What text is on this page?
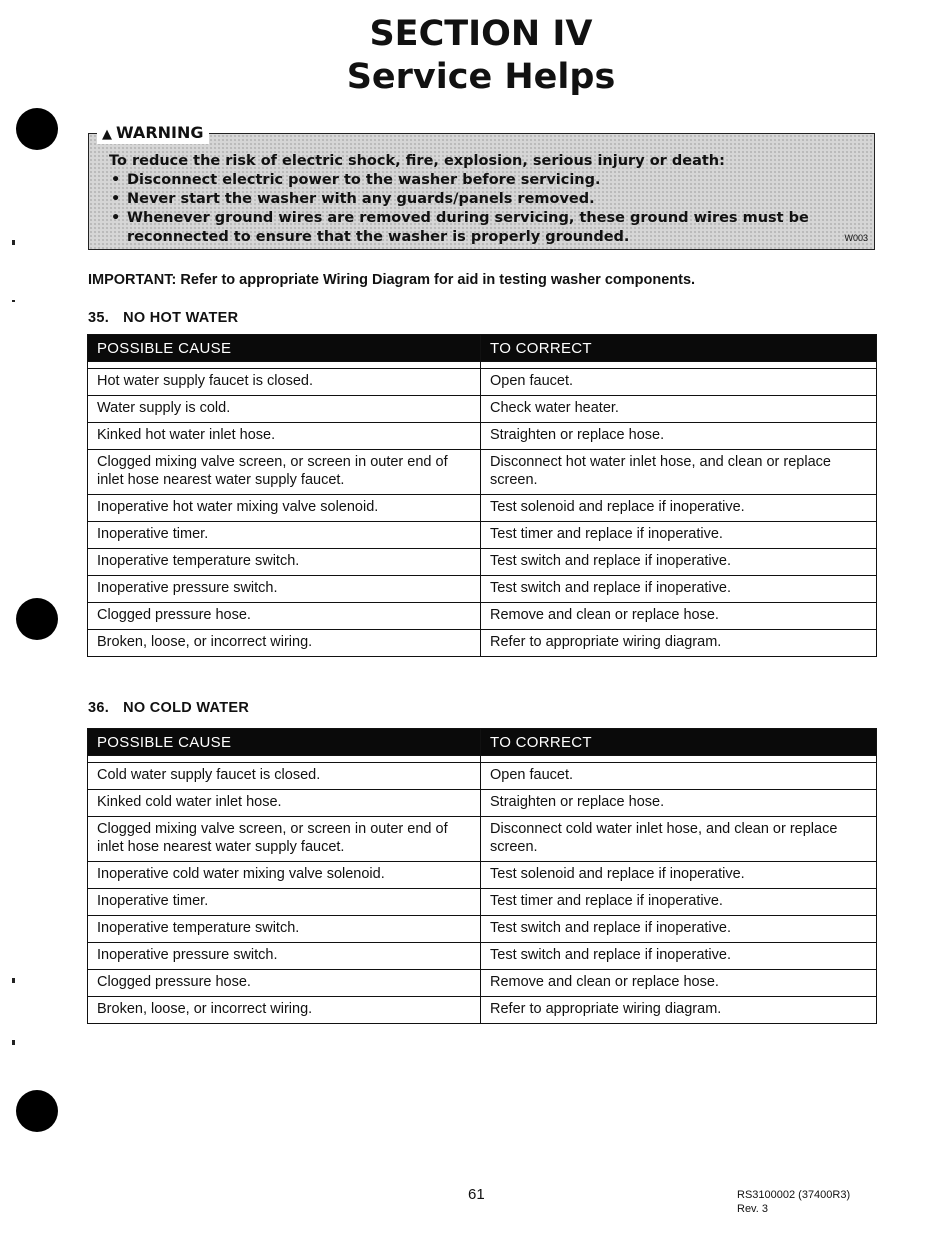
SECTION IV
Service Helps
▲ WARNING
To reduce the risk of electric shock, fire, explosion, serious injury or death:
• Disconnect electric power to the washer before servicing.
• Never start the washer with any guards/panels removed.
• Whenever ground wires are removed during servicing, these ground wires must be reconnected to ensure that the washer is properly grounded.	W003
IMPORTANT: Refer to appropriate Wiring Diagram for aid in testing washer components.
35. NO HOT WATER
POSSIBLE CAUSE	TO CORRECT

Hot water supply faucet is closed.	Open faucet.
Water supply is cold.	Check water heater.
Kinked hot water inlet hose.	Straighten or replace hose.
Clogged mixing valve screen, or screen in outer end of inlet hose nearest water supply faucet.	Disconnect hot water inlet hose, and clean or replace screen.
Inoperative hot water mixing valve solenoid.	Test solenoid and replace if inoperative.
Inoperative timer.	Test timer and replace if inoperative.
Inoperative temperature switch.	Test switch and replace if inoperative.
Inoperative pressure switch.	Test switch and replace if inoperative.
Clogged pressure hose.	Remove and clean or replace hose.
Broken, loose, or incorrect wiring.	Refer to appropriate wiring diagram.
36. NO COLD WATER
POSSIBLE CAUSE	TO CORRECT

Cold water supply faucet is closed.	Open faucet.
Kinked cold water inlet hose.	Straighten or replace hose.
Clogged mixing valve screen, or screen in outer end of inlet hose nearest water supply faucet.	Disconnect cold water inlet hose, and clean or replace screen.
Inoperative cold water mixing valve solenoid.	Test solenoid and replace if inoperative.
Inoperative timer.	Test timer and replace if inoperative.
Inoperative temperature switch.	Test switch and replace if inoperative.
Inoperative pressure switch.	Test switch and replace if inoperative.
Clogged pressure hose.	Remove and clean or replace hose.
Broken, loose, or incorrect wiring.	Refer to appropriate wiring diagram.
61	RS3100002 (37400R3)
Rev. 3
